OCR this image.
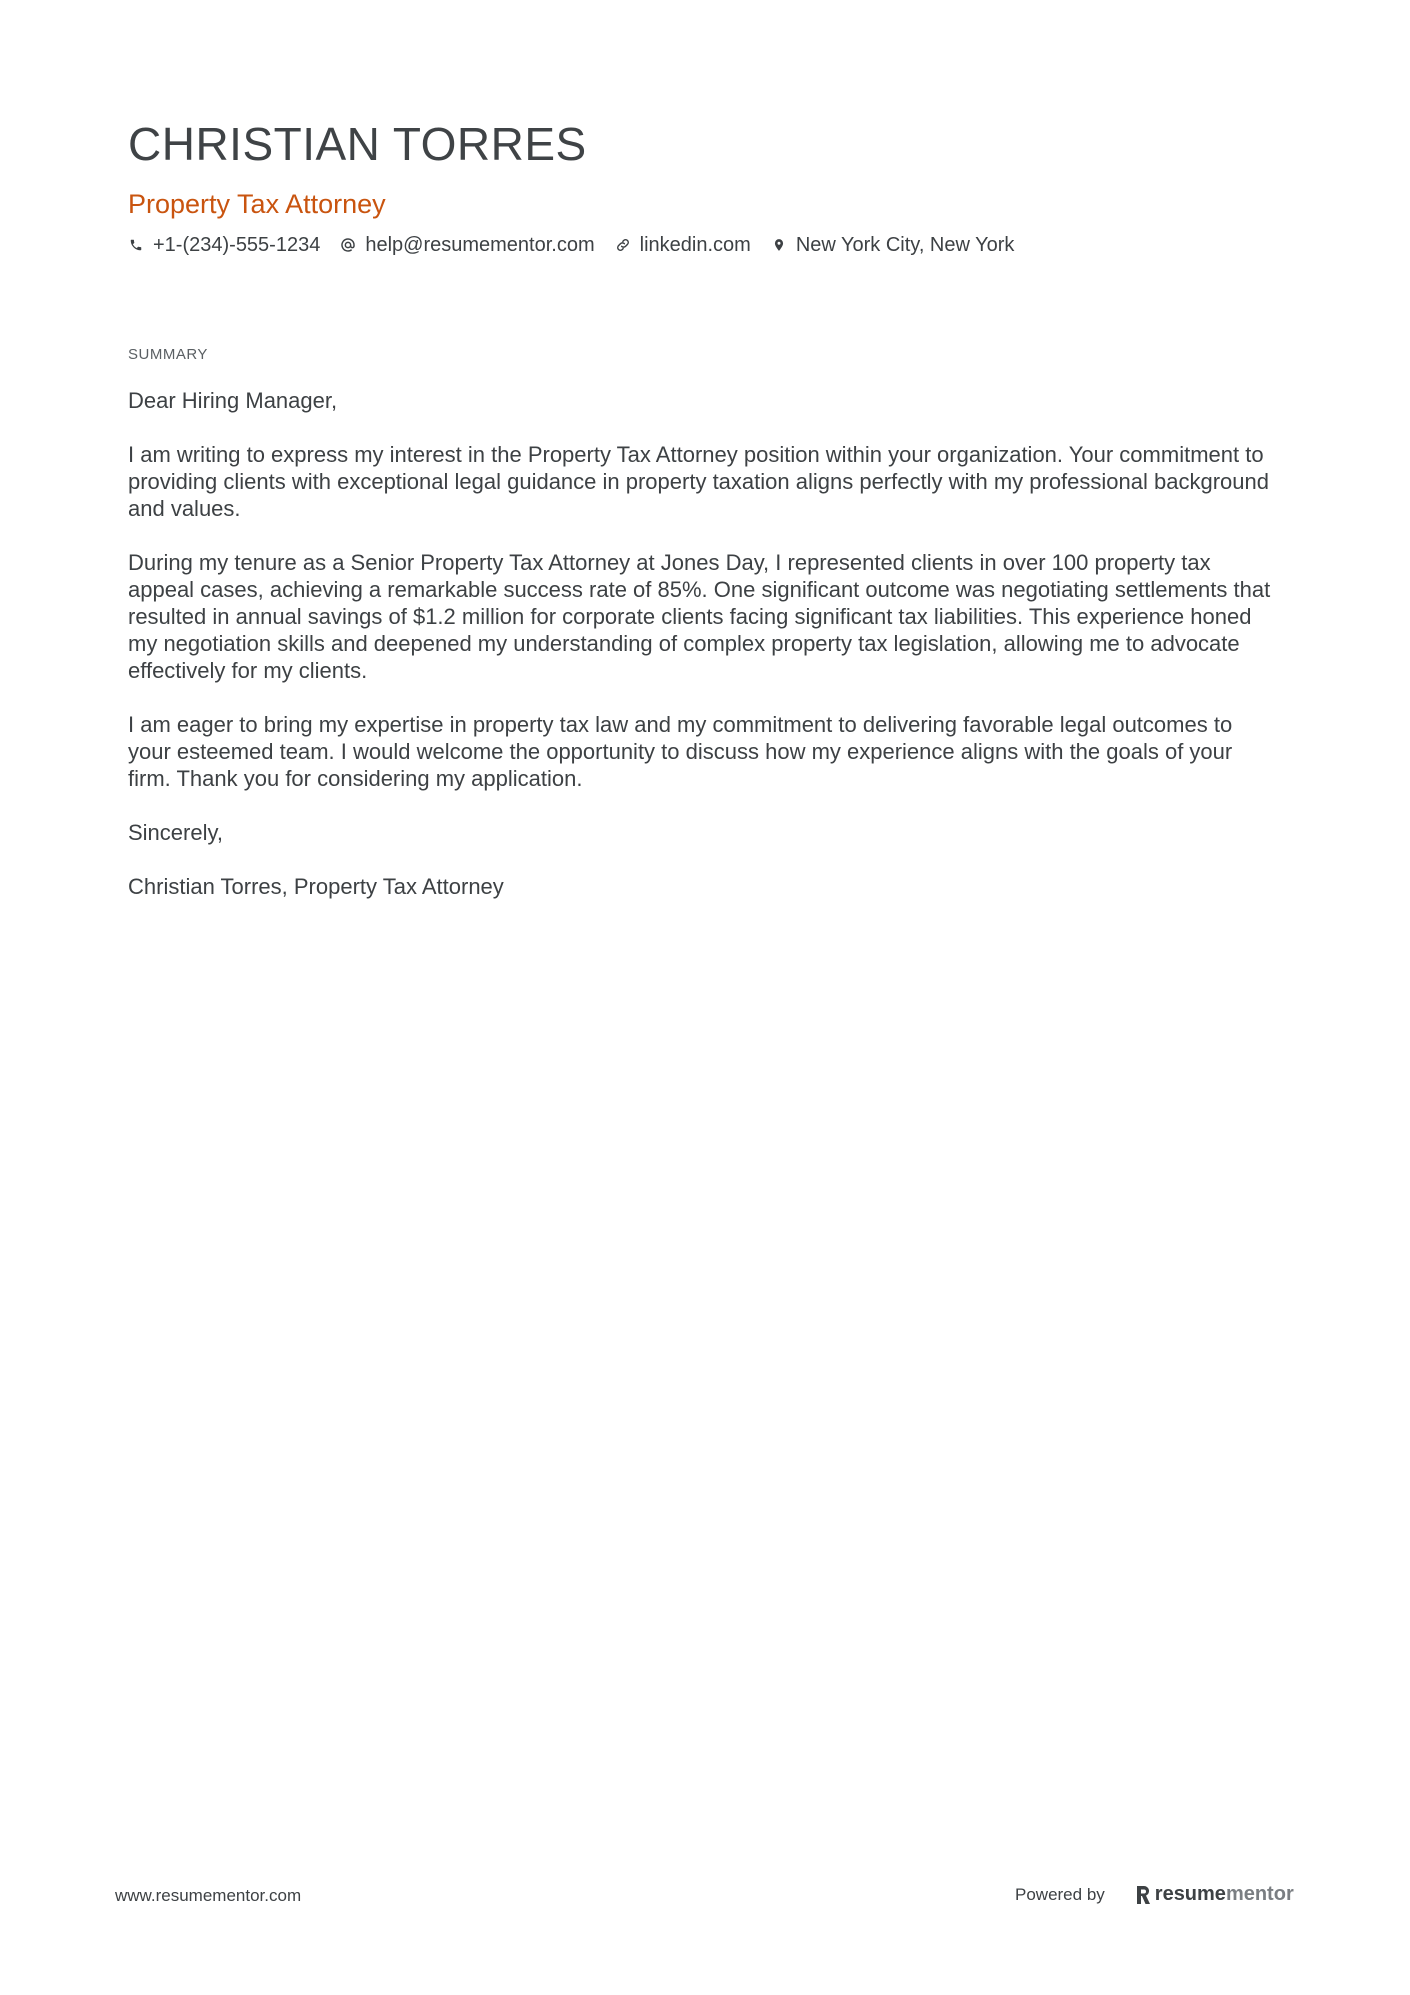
CHRISTIAN TORRES
Property Tax Attorney
+1-(234)-555-1234 help@resumementor.com linkedin.com New York City, New York
SUMMARY

Dear Hiring Manager,

I am writing to express my interest in the Property Tax Attorney position within your organization. Your commitment to providing clients with exceptional legal guidance in property taxation aligns perfectly with my professional background and values.

During my tenure as a Senior Property Tax Attorney at Jones Day, I represented clients in over 100 property tax appeal cases, achieving a remarkable success rate of 85%. One significant outcome was negotiating settlements that resulted in annual savings of $1.2 million for corporate clients facing significant tax liabilities. This experience honed my negotiation skills and deepened my understanding of complex property tax legislation, allowing me to advocate effectively for my clients.

I am eager to bring my expertise in property tax law and my commitment to delivering favorable legal outcomes to your esteemed team. I would welcome the opportunity to discuss how my experience aligns with the goals of your firm. Thank you for considering my application.

Sincerely,

Christian Torres, Property Tax Attorney

www.resumementor.com	Powered by	resume mentor
